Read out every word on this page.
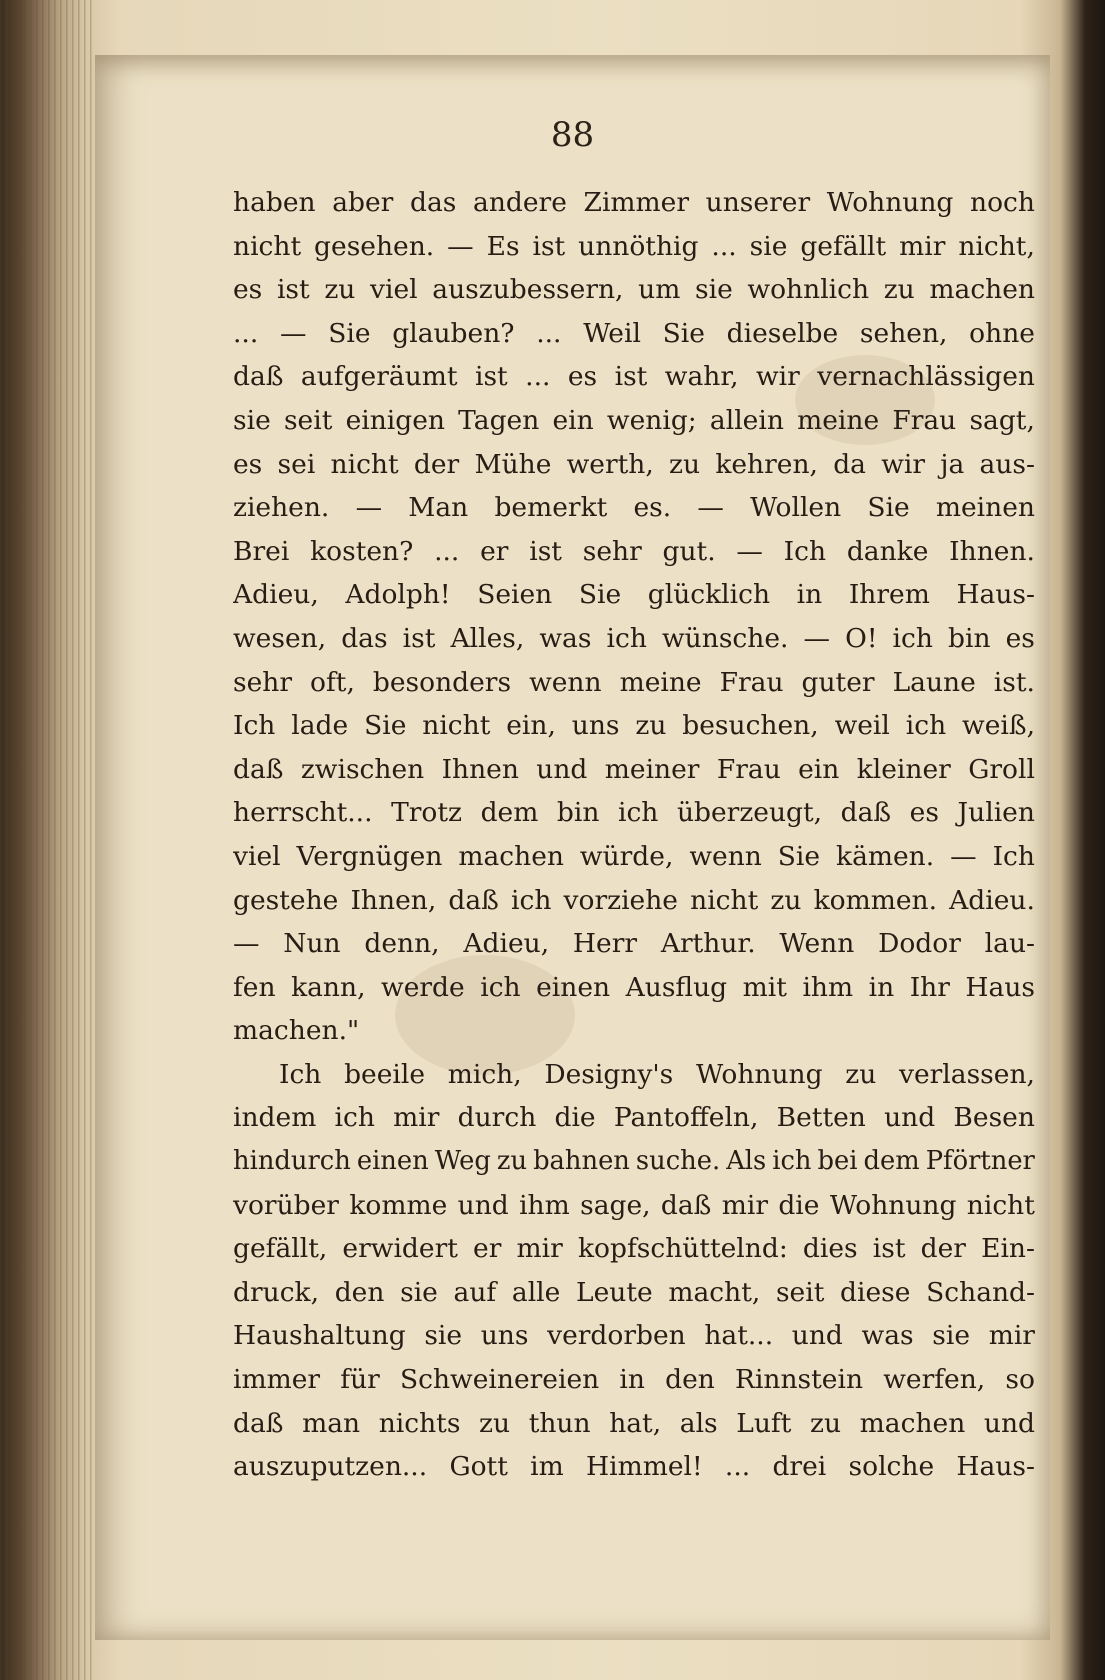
88
haben aber das andere Zimmer unserer Wohnung noch
nicht gesehen. — Es ist unnöthig ... sie gefällt mir nicht,
es ist zu viel auszubessern, um sie wohnlich zu machen
... — Sie glauben? ... Weil Sie dieselbe sehen, ohne
daß aufgeräumt ist ... es ist wahr, wir vernachlässigen
sie seit einigen Tagen ein wenig; allein meine Frau sagt,
es sei nicht der Mühe werth, zu kehren, da wir ja aus-
ziehen. — Man bemerkt es. — Wollen Sie meinen
Brei kosten? ... er ist sehr gut. — Ich danke Ihnen.
Adieu, Adolph! Seien Sie glücklich in Ihrem Haus-
wesen, das ist Alles, was ich wünsche. — O! ich bin es
sehr oft, besonders wenn meine Frau guter Laune ist.
Ich lade Sie nicht ein, uns zu besuchen, weil ich weiß,
daß zwischen Ihnen und meiner Frau ein kleiner Groll
herrscht... Trotz dem bin ich überzeugt, daß es Julien
viel Vergnügen machen würde, wenn Sie kämen. — Ich
gestehe Ihnen, daß ich vorziehe nicht zu kommen. Adieu.
— Nun denn, Adieu, Herr Arthur. Wenn Dodor lau-
fen kann, werde ich einen Ausflug mit ihm in Ihr Haus
machen."
Ich beeile mich, Designy's Wohnung zu verlassen,
indem ich mir durch die Pantoffeln, Betten und Besen
hindurch einen Weg zu bahnen suche. Als ich bei dem Pförtner
vorüber komme und ihm sage, daß mir die Wohnung nicht
gefällt, erwidert er mir kopfschüttelnd: dies ist der Ein-
druck, den sie auf alle Leute macht, seit diese Schand-
Haushaltung sie uns verdorben hat... und was sie mir
immer für Schweinereien in den Rinnstein werfen, so
daß man nichts zu thun hat, als Luft zu machen und
auszuputzen... Gott im Himmel! ... drei solche Haus-
